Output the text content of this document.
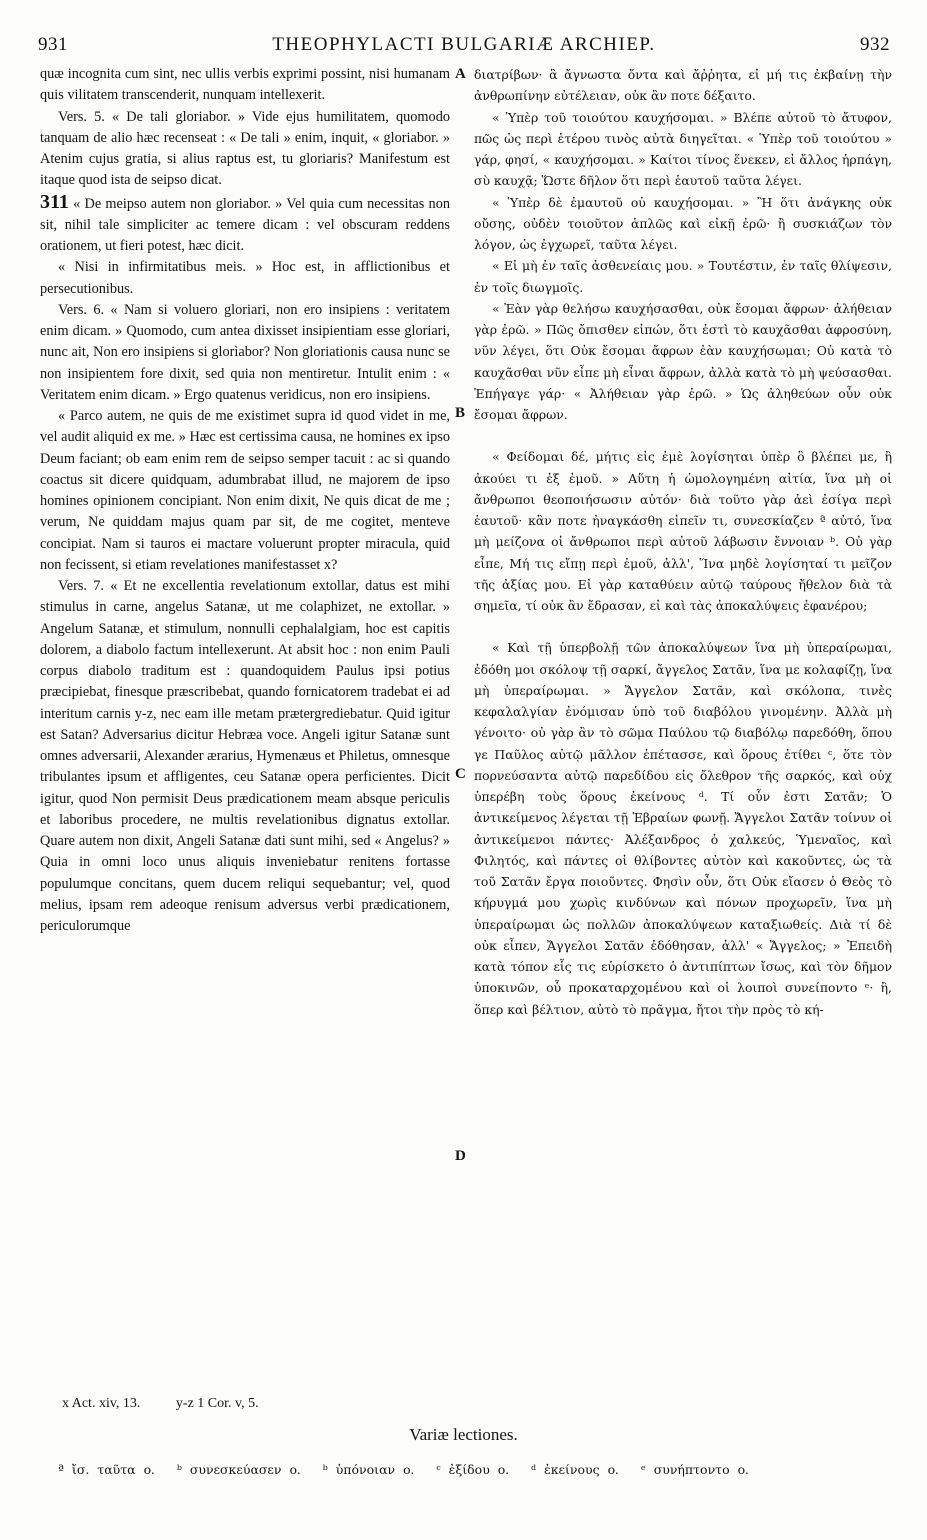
931	THEOPHYLACTI BULGARIÆ ARCHIEP.	932

quæ incognita cum sint, nec ullis verbis exprimi possint, nisi humanam quis vilitatem transcenderit, nunquam intellexerit.

Vers. 5. « De tali gloriabor. » Vide ejus humilitatem, quomodo tanquam de alio hæc recenseat : « De tali » enim, inquit, « gloriabor. » Atenim cujus gratia, si alius raptus est, tu gloriaris? Manifestum est itaque quod ista de seipso dicat.

311 « De meipso autem non gloriabor. » Vel quia cum necessitas non sit, nihil tale simpliciter ac temere dicam : vel obscuram reddens orationem, ut fieri potest, hæc dicit.

« Nisi in infirmitatibus meis. » Hoc est, in afflictionibus et persecutionibus.

Vers. 6. « Nam si voluero gloriari, non ero insipiens : veritatem enim dicam. » Quomodo, cum antea dixisset insipientiam esse gloriari, nunc ait, Non ero insipiens si glorìabor? Non gloriationis causa nunc se non insipientem fore dixit, sed quia non mentiretur. Intulit enim : « Veritatem enim dicam. » Ergo quatenus veridicus, non ero insipiens.

« Parco autem, ne quis de me existimet supra id quod videt in me, vel audit aliquid ex me. » Hæc est certissima causa, ne homines ex ipso Deum faciant; ob eam enim rem de seipso semper tacuit : ac si quando coactus sit dicere quidquam, adumbrabat illud, ne majorem de ipso homines opinionem concipiant. Non enim dixit, Ne quis dicat de me ; verum, Ne quiddam majus quam par sit, de me cogitet, menteve concipiat. Nam si tauros ei mactare voluerunt propter miracula, quid non fecissent, si etiam revelationes manifestasset x?

Vers. 7. « Et ne excellentia revelationum extollar, datus est mihi stimulus in carne, angelus Satanæ, ut me colaphizet, ne extollar. » Angelum Satanæ, et stimulum, nonnulli cephalalgiam, hoc est capitis dolorem, a diabolo factum intellexerunt. At absit hoc : non enim Pauli corpus diabolo traditum est : quandoquidem Paulus ipsi potius præcipiebat, finesque præscribebat, quando fornicatorem tradebat ei ad interitum carnis y-z, nec eam ille metam prætergrediebatur. Quid igitur est Satan? Adversarius dicitur Hebræa voce. Angeli igitur Satanæ sunt omnes adversarii, Alexander ærarius, Hymenæus et Philetus, omnesque tribulantes ipsum et affligentes, ceu Satanæ opera perficientes. Dicit igitur, quod Non permisit Deus prædicationem meam absque periculis et laboribus procedere, ne multis revelationibus dignatus extollar. Quare autem non dixit, Angeli Satanæ dati sunt mihi, sed « Angelus? » Quia in omni loco unus aliquis inveniebatur renitens fortasse populumque concitans, quem ducem reliqui sequebantur; vel, quod melius, ipsam rem adeoque renisum adversus verbi prædicationem, periculorumque

A
B
C
D

διατρίβων· ἃ ἄγνωστα ὄντα καὶ ἄῤῥητα, εἰ μή τις ἐκβαίνῃ τὴν ἀνθρωπίνην εὐτέλειαν, οὐκ ἂν ποτε δέξαιτο.

« Ὑπὲρ τοῦ τοιούτου καυχήσομαι. » Βλέπε αὐτοῦ τὸ ἄτυφον, πῶς ὡς περὶ ἑτέρου τινὸς αὐτὰ διηγεῖται. « Ὑπὲρ τοῦ τοιούτου » γάρ, φησί, « καυχήσομαι. » Καίτοι τίνος ἕνεκεν, εἰ ἄλλος ἡρπάγη, σὺ καυχᾷ; Ὥστε δῆλον ὅτι περὶ ἑαυτοῦ ταῦτα λέγει.

« Ὑπὲρ δὲ ἐμαυτοῦ οὐ καυχήσομαι. » Ἢ ὅτι ἀνάγκης οὐκ οὔσης, οὐδὲν τοιοῦτον ἁπλῶς καὶ εἰκῇ ἐρῶ· ἢ συσκιάζων τὸν λόγον, ὡς ἐγχωρεῖ, ταῦτα λέγει.

« Εἰ μὴ ἐν ταῖς ἀσθενείαις μου. » Τουτέστιν, ἐν ταῖς θλίψεσιν, ἐν τοῖς διωγμοῖς.

« Ἐὰν γὰρ θελήσω καυχήσασθαι, οὐκ ἔσομαι ἄφρων· ἀλήθειαν γὰρ ἐρῶ. » Πῶς ὄπισθεν εἰπών, ὅτι ἐστὶ τὸ καυχᾶσθαι ἀφροσύνη, νῦν λέγει, ὅτι Οὐκ ἔσομαι ἄφρων ἐὰν καυχήσωμαι; Οὐ κατὰ τὸ καυχᾶσθαι νῦν εἶπε μὴ εἶναι ἄφρων, ἀλλὰ κατὰ τὸ μὴ ψεύσασθαι. Ἐπήγαγε γάρ· « Ἀλήθειαν γὰρ ἐρῶ. » Ὡς ἀληθεύων οὖν οὐκ ἔσομαι ἄφρων.

« Φείδομαι δέ, μήτις εἰς ἐμὲ λογίσηται ὑπὲρ ὃ βλέπει με, ἢ ἀκούει τι ἐξ ἐμοῦ. » Αὕτη ἡ ὡμολογημένη αἰτία, ἵνα μὴ οἱ ἄνθρωποι θεοποιήσωσιν αὐτόν· διὰ τοῦτο γὰρ ἀεὶ ἐσίγα περὶ ἑαυτοῦ· κἂν ποτε ἠναγκάσθη εἰπεῖν τι, συνεσκίαζεν ª αὐτό, ἵνα μὴ μείζονα οἱ ἄνθρωποι περὶ αὐτοῦ λάβωσιν ἔννοιαν ᵇ. Οὐ γὰρ εἶπε, Μή τις εἴπῃ περὶ ἐμοῦ, ἀλλ', Ἵνα μηδὲ λογίσηταί τι μεῖζον τῆς ἀξίας μου. Εἰ γὰρ καταθύειν αὐτῷ ταύρους ἤθελον διὰ τὰ σημεῖα, τί οὐκ ἂν ἔδρασαν, εἰ καὶ τὰς ἀποκαλύψεις ἐφανέρου;

« Καὶ τῇ ὑπερβολῇ τῶν ἀποκαλύψεων ἵνα μὴ ὑπεραίρωμαι, ἐδόθη μοι σκόλοψ τῇ σαρκί, ἄγγελος Σατᾶν, ἵνα με κολαφίζῃ, ἵνα μὴ ὑπεραίρωμαι. » Ἄγγελον Σατᾶν, καὶ σκόλοπα, τινὲς κεφαλαλγίαν ἐνόμισαν ὑπὸ τοῦ διαβόλου γινομένην. Ἀλλὰ μὴ γένοιτο· οὐ γὰρ ἂν τὸ σῶμα Παύλου τῷ διαβόλῳ παρεδόθη, ὅπου γε Παῦλος αὐτῷ μᾶλλον ἐπέτασσε, καὶ ὅρους ἐτίθει ᶜ, ὅτε τὸν πορνεύσαντα αὐτῷ παρεδίδου εἰς ὄλεθρον τῆς σαρκός, καὶ οὐχ ὑπερέβη τοὺς ὅρους ἐκείνους ᵈ. Τί οὖν ἐστι Σατᾶν; Ὁ ἀντικείμενος λέγεται τῇ Ἑβραίων φωνῇ. Ἄγγελοι Σατᾶν τοίνυν οἱ ἀντικείμενοι πάντες· Ἀλέξανδρος ὁ χαλκεύς, Ὑμεναῖος, καὶ Φιλητός, καὶ πάντες οἱ θλίβοντες αὐτὸν καὶ κακοῦντες, ὡς τὰ τοῦ Σατᾶν ἔργα ποιοῦντες. Φησὶν οὖν, ὅτι Οὐκ εἴασεν ὁ Θεὸς τὸ κήρυγμά μου χωρὶς κινδύνων καὶ πόνων προχωρεῖν, ἵνα μὴ ὑπεραίρωμαι ὡς πολλῶν ἀποκαλύψεων καταξιωθείς. Διὰ τί δὲ οὐκ εἶπεν, Ἄγγελοι Σατᾶν ἐδόθησαν, ἀλλ' « Ἄγγελος; » Ἐπειδὴ κατὰ τόπον εἷς τις εὑρίσκετο ὁ ἀντιπίπτων ἴσως, καὶ τὸν δῆμον ὑποκινῶν, οὗ προκαταρχομένου καὶ οἱ λοιποὶ συνείποντο ᵉ· ἢ, ὅπερ καὶ βέλτιον, αὐτὸ τὸ πρᾶγμα, ἤτοι τὴν πρὸς τὸ κή-

x Act. xiv, 13.	y-z 1 Cor. v, 5.
Variæ lectiones.
ª ἴσ. ταῦτα o. ᵇ συνεσκεύασεν o. ᵇ ὑπόνοιαν o. ᶜ ἐξίδου o. ᵈ ἐκείνους o. ᵉ συνήπτοντο o.
